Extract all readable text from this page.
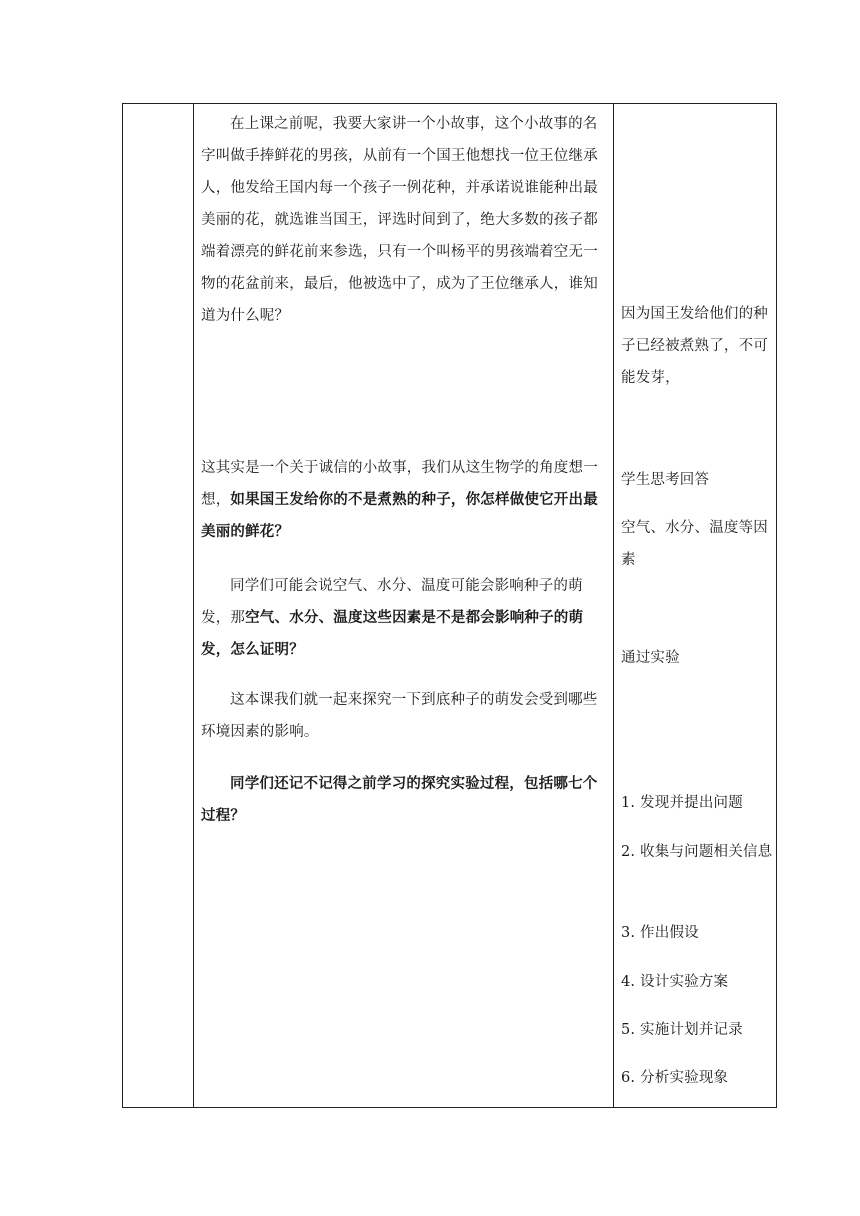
在上课之前呢，我要大家讲一个小故事，这个小故事的名字叫做手捧鲜花的男孩，从前有一个国王他想找一位王位继承人，他发给王国内每一个孩子一例花种，并承诺说谁能种出最美丽的花，就选谁当国王，评选时间到了，绝大多数的孩子都端着漂亮的鲜花前来参选，只有一个叫杨平的男孩端着空无一物的花盆前来，最后，他被选中了，成为了王位继承人，谁知道为什么呢？

这其实是一个关于诚信的小故事，我们从这生物学的角度想一想，如果国王发给你的不是煮熟的种子，你怎样做使它开出最美丽的鲜花？

同学们可能会说空气、水分、温度可能会影响种子的萌发，那空气、水分、温度这些因素是不是都会影响种子的萌发，怎么证明？

这本课我们就一起来探究一下到底种子的萌发会受到哪些环境因素的影响。

同学们还记不记得之前学习的探究实验过程，包括哪七个过程？

因为国王发给他们的种子已经被煮熟了，不可能发芽，

学生思考回答

空气、水分、温度等因素

通过实验

1. 发现并提出问题

2. 收集与问题相关信息

3. 作出假设

4. 设计实验方案

5. 实施计划并记录

6. 分析实验现象
